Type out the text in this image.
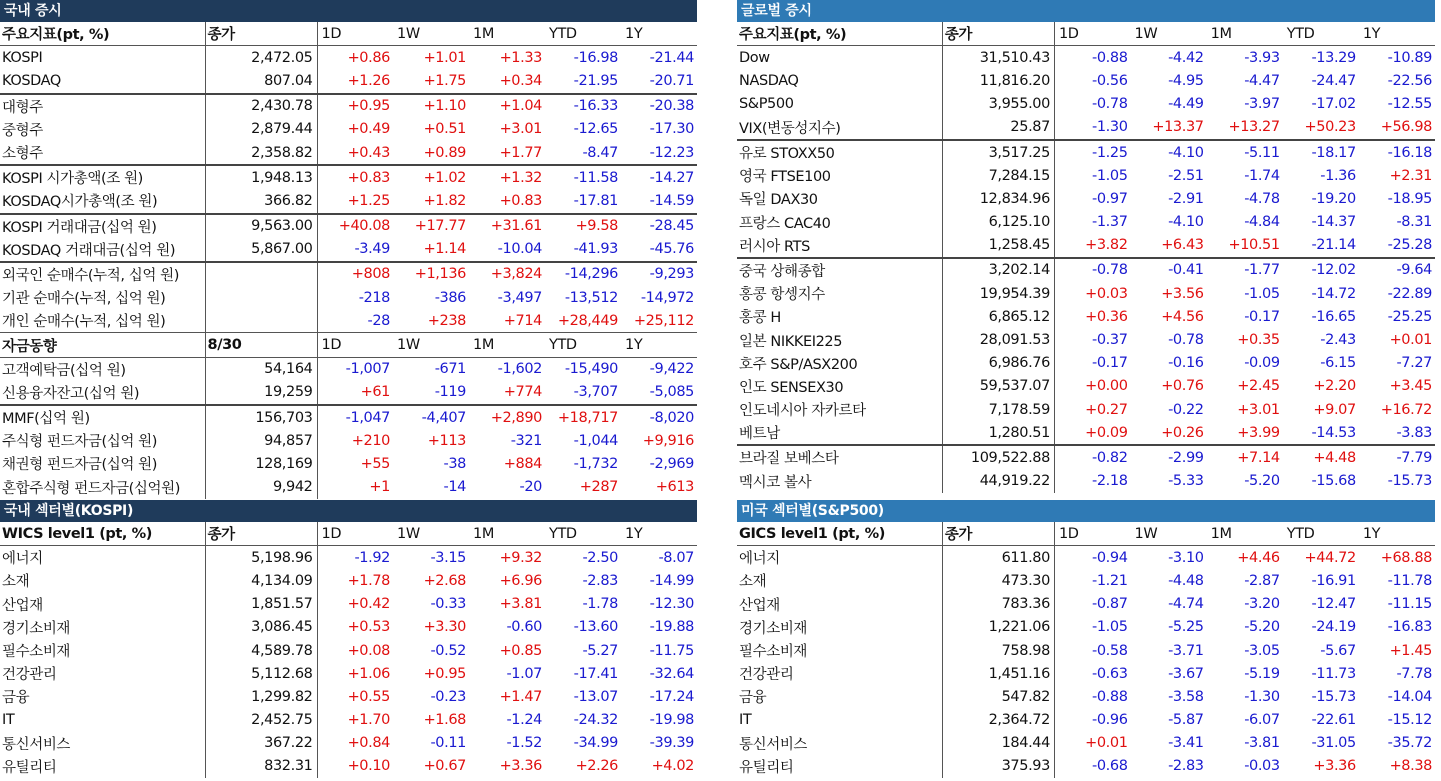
국내 증시
주요지표(pt, %)	종가	1D	1W	1M	YTD	1Y
KOSPI	2,472.05	+0.86	+1.01	+1.33	-16.98	-21.44
KOSDAQ	807.04	+1.26	+1.75	+0.34	-21.95	-20.71
대형주	2,430.78	+0.95	+1.10	+1.04	-16.33	-20.38
중형주	2,879.44	+0.49	+0.51	+3.01	-12.65	-17.30
소형주	2,358.82	+0.43	+0.89	+1.77	-8.47	-12.23
KOSPI 시가총액(조 원)	1,948.13	+0.83	+1.02	+1.32	-11.58	-14.27
KOSDAQ시가총액(조 원)	366.82	+1.25	+1.82	+0.83	-17.81	-14.59
KOSPI 거래대금(십억 원)	9,563.00	+40.08	+17.77	+31.61	+9.58	-28.45
KOSDAQ 거래대금(십억 원)	5,867.00	-3.49	+1.14	-10.04	-41.93	-45.76
외국인 순매수(누적, 십억 원)		+808	+1,136	+3,824	-14,296	-9,293
기관 순매수(누적, 십억 원)		-218	-386	-3,497	-13,512	-14,972
개인 순매수(누적, 십억 원)		-28	+238	+714	+28,449	+25,112
자금동향	8/30	1D	1W	1M	YTD	1Y
고객예탁금(십억 원)	54,164	-1,007	-671	-1,602	-15,490	-9,422
신용융자잔고(십억 원)	19,259	+61	-119	+774	-3,707	-5,085
MMF(십억 원)	156,703	-1,047	-4,407	+2,890	+18,717	-8,020
주식형 펀드자금(십억 원)	94,857	+210	+113	-321	-1,044	+9,916
채권형 펀드자금(십억 원)	128,169	+55	-38	+884	-1,732	-2,969
혼합주식형 펀드자금(십억원)	9,942	+1	-14	-20	+287	+613
글로벌 증시
주요지표(pt, %)	종가	1D	1W	1M	YTD	1Y
Dow	31,510.43	-0.88	-4.42	-3.93	-13.29	-10.89
NASDAQ	11,816.20	-0.56	-4.95	-4.47	-24.47	-22.56
S&P500	3,955.00	-0.78	-4.49	-3.97	-17.02	-12.55
VIX(변동성지수)	25.87	-1.30	+13.37	+13.27	+50.23	+56.98
유로 STOXX50	3,517.25	-1.25	-4.10	-5.11	-18.17	-16.18
영국 FTSE100	7,284.15	-1.05	-2.51	-1.74	-1.36	+2.31
독일 DAX30	12,834.96	-0.97	-2.91	-4.78	-19.20	-18.95
프랑스 CAC40	6,125.10	-1.37	-4.10	-4.84	-14.37	-8.31
러시아 RTS	1,258.45	+3.82	+6.43	+10.51	-21.14	-25.28
중국 상해종합	3,202.14	-0.78	-0.41	-1.77	-12.02	-9.64
홍콩 항셍지수	19,954.39	+0.03	+3.56	-1.05	-14.72	-22.89
홍콩 H	6,865.12	+0.36	+4.56	-0.17	-16.65	-25.25
일본 NIKKEI225	28,091.53	-0.37	-0.78	+0.35	-2.43	+0.01
호주 S&P/ASX200	6,986.76	-0.17	-0.16	-0.09	-6.15	-7.27
인도 SENSEX30	59,537.07	+0.00	+0.76	+2.45	+2.20	+3.45
인도네시아 자카르타	7,178.59	+0.27	-0.22	+3.01	+9.07	+16.72
베트남	1,280.51	+0.09	+0.26	+3.99	-14.53	-3.83
브라질 보베스타	109,522.88	-0.82	-2.99	+7.14	+4.48	-7.79
멕시코 볼사	44,919.22	-2.18	-5.33	-5.20	-15.68	-15.73
국내 섹터별(KOSPI)
WICS level1 (pt, %)	종가	1D	1W	1M	YTD	1Y
에너지	5,198.96	-1.92	-3.15	+9.32	-2.50	-8.07
소재	4,134.09	+1.78	+2.68	+6.96	-2.83	-14.99
산업재	1,851.57	+0.42	-0.33	+3.81	-1.78	-12.30
경기소비재	3,086.45	+0.53	+3.30	-0.60	-13.60	-19.88
필수소비재	4,589.78	+0.08	-0.52	+0.85	-5.27	-11.75
건강관리	5,112.68	+1.06	+0.95	-1.07	-17.41	-32.64
금융	1,299.82	+0.55	-0.23	+1.47	-13.07	-17.24
IT	2,452.75	+1.70	+1.68	-1.24	-24.32	-19.98
통신서비스	367.22	+0.84	-0.11	-1.52	-34.99	-39.39
유틸리티	832.31	+0.10	+0.67	+3.36	+2.26	+4.02
미국 섹터별(S&P500)
GICS level1 (pt, %)	종가	1D	1W	1M	YTD	1Y
에너지	611.80	-0.94	-3.10	+4.46	+44.72	+68.88
소재	473.30	-1.21	-4.48	-2.87	-16.91	-11.78
산업재	783.36	-0.87	-4.74	-3.20	-12.47	-11.15
경기소비재	1,221.06	-1.05	-5.25	-5.20	-24.19	-16.83
필수소비재	758.98	-0.58	-3.71	-3.05	-5.67	+1.45
건강관리	1,451.16	-0.63	-3.67	-5.19	-11.73	-7.78
금융	547.82	-0.88	-3.58	-1.30	-15.73	-14.04
IT	2,364.72	-0.96	-5.87	-6.07	-22.61	-15.12
통신서비스	184.44	+0.01	-3.41	-3.81	-31.05	-35.72
유틸리티	375.93	-0.68	-2.83	-0.03	+3.36	+8.38
